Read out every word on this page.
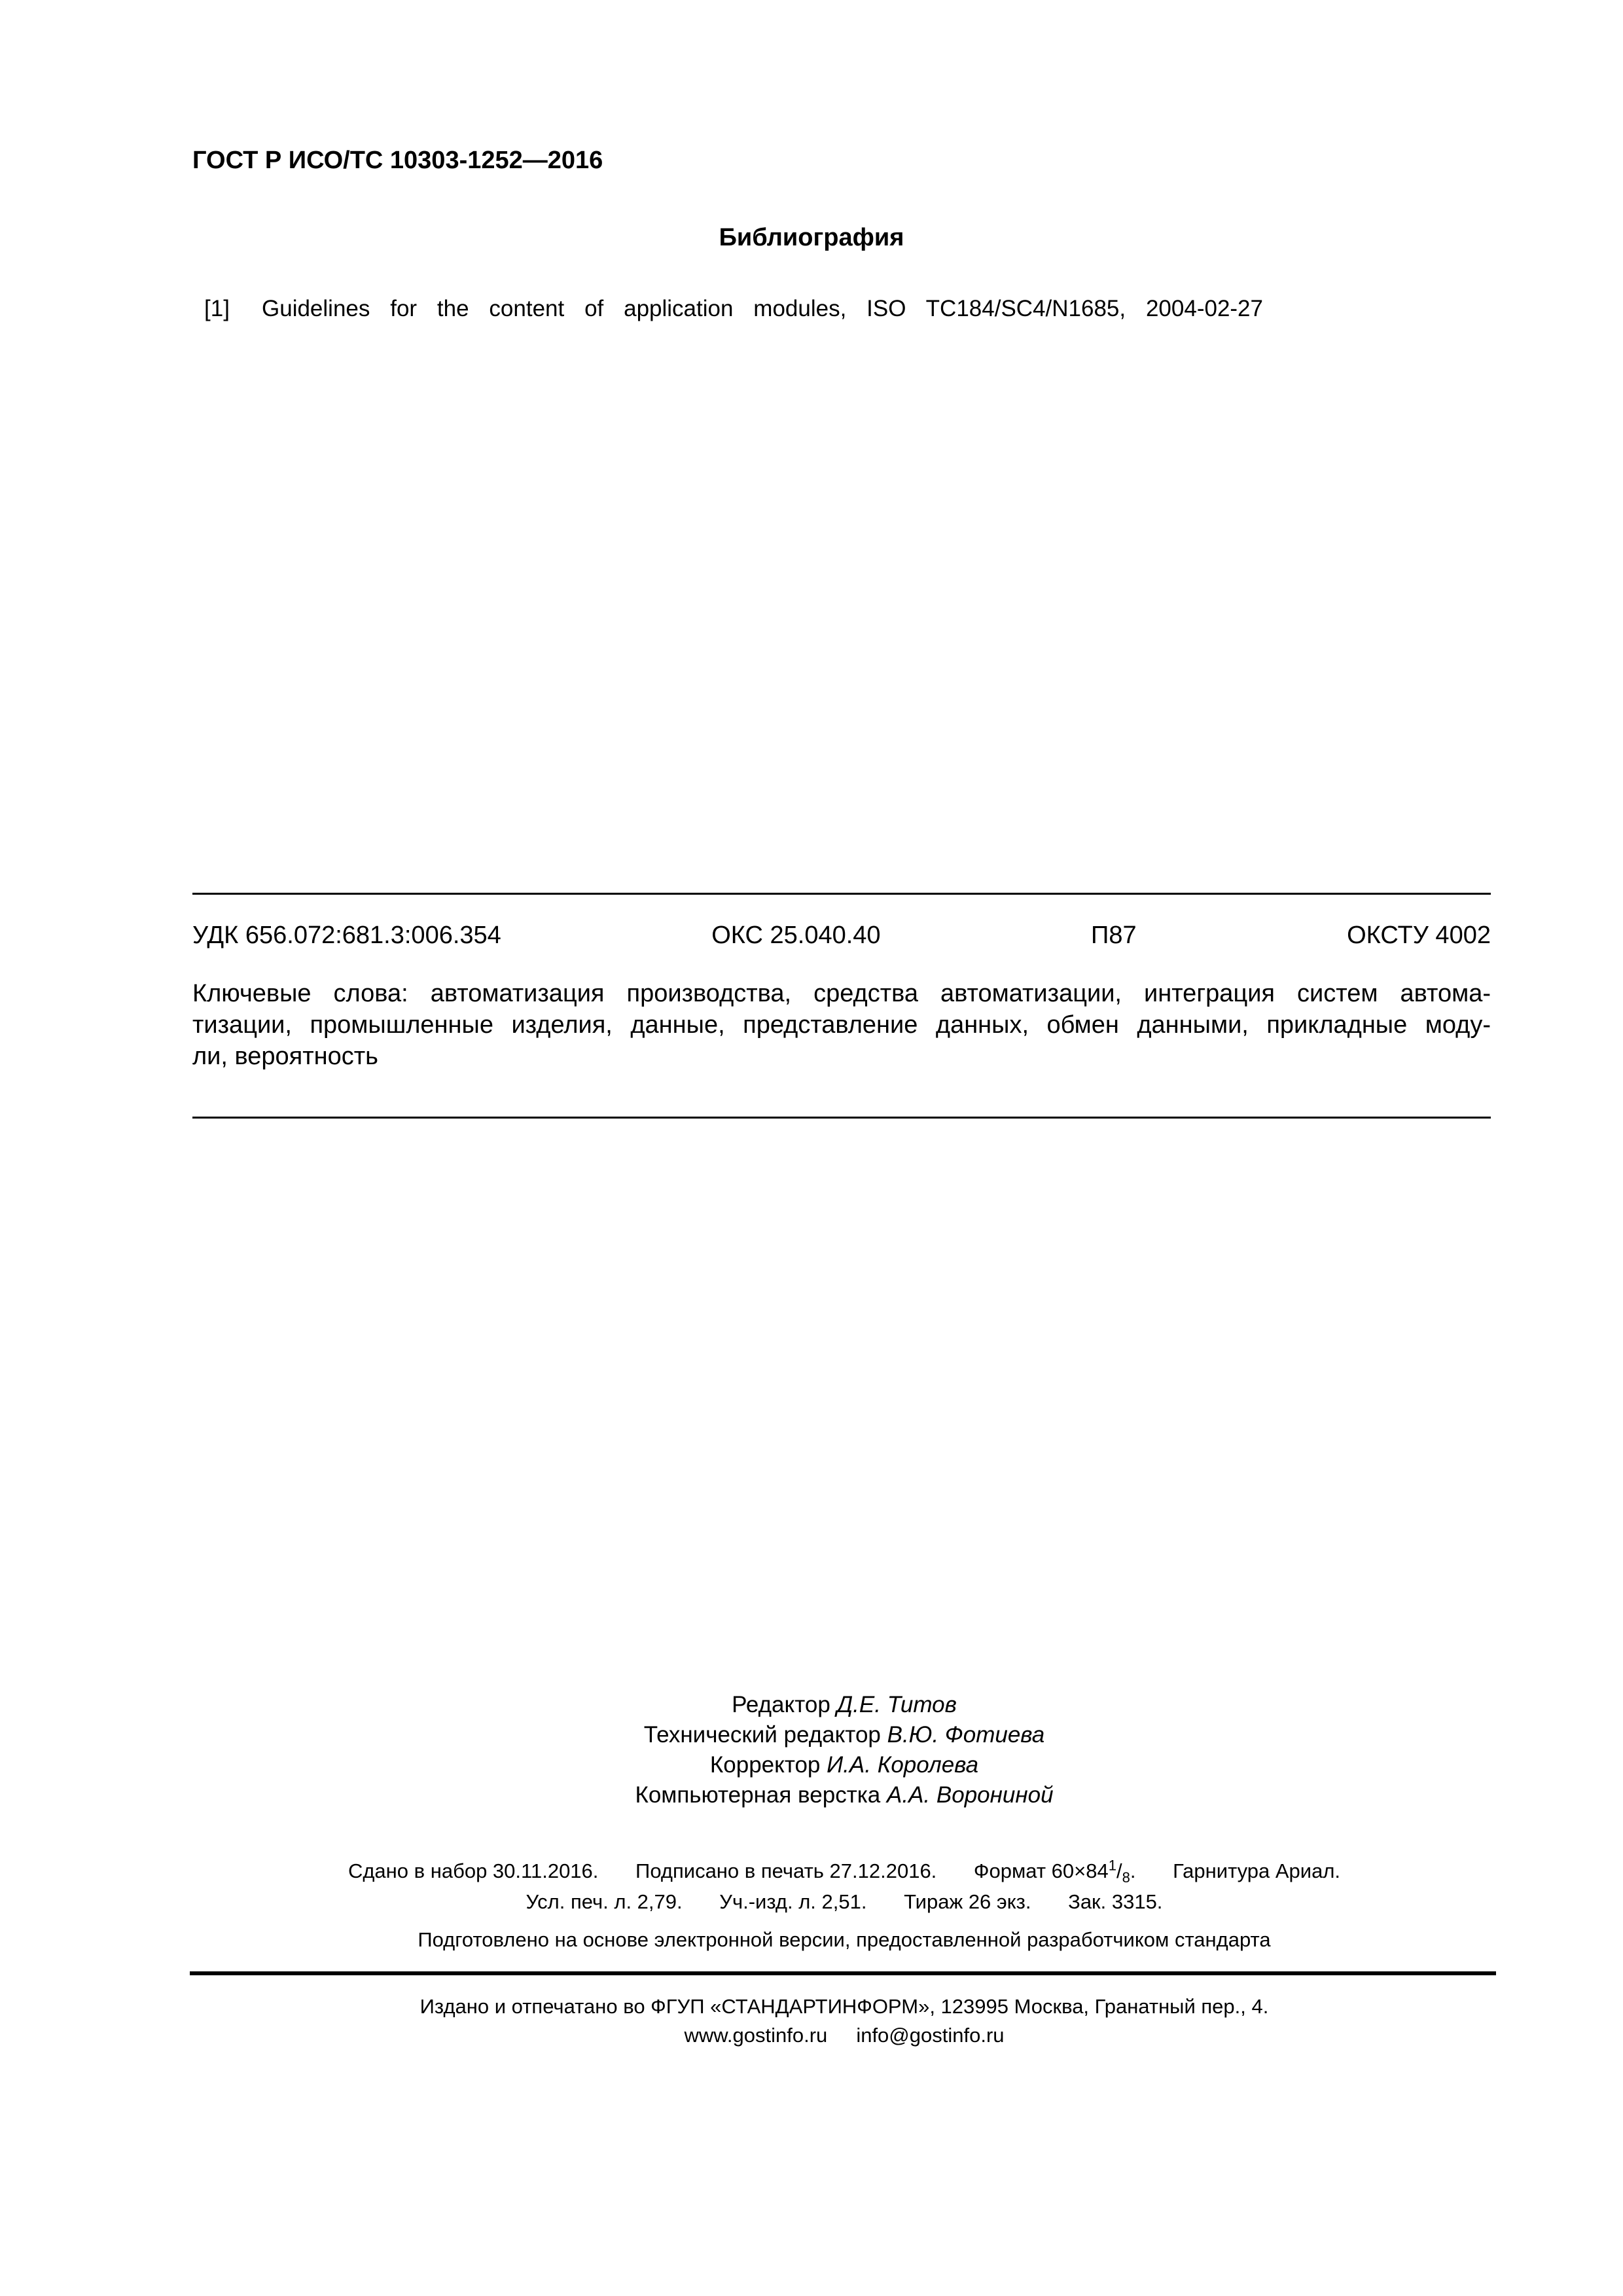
ГОСТ Р ИСО/ТС 10303-1252—2016
Библиография
[1] Guidelines for the content of application modules, ISO TC184/SC4/N1685, 2004-02-27
УДК 656.072:681.3:006.354	ОКС 25.040.40	П87	ОКСТУ 4002
Ключевые слова: автоматизация производства, средства автоматизации, интеграция систем автома-
тизации, промышленные изделия, данные, представление данных, обмен данными, прикладные моду-
ли, вероятность
Редактор Д.Е. Титов
Технический редактор В.Ю. Фотиева
Корректор И.А. Королева
Компьютерная верстка А.А. Ворониной
Сдано в набор 30.11.2016. Подписано в печать 27.12.2016. Формат $60\times 84^1/_8$. Гарнитура Ариал.
Усл. печ. л. 2,79. Уч.-изд. л. 2,51. Тираж 26 экз. Зак. 3315.
Подготовлено на основе электронной версии, предоставленной разработчиком стандарта
Издано и отпечатано во ФГУП «СТАНДАРТИНФОРМ», 123995 Москва, Гранатный пер., 4.
www.gostinfo.ru info@gostinfo.ru
